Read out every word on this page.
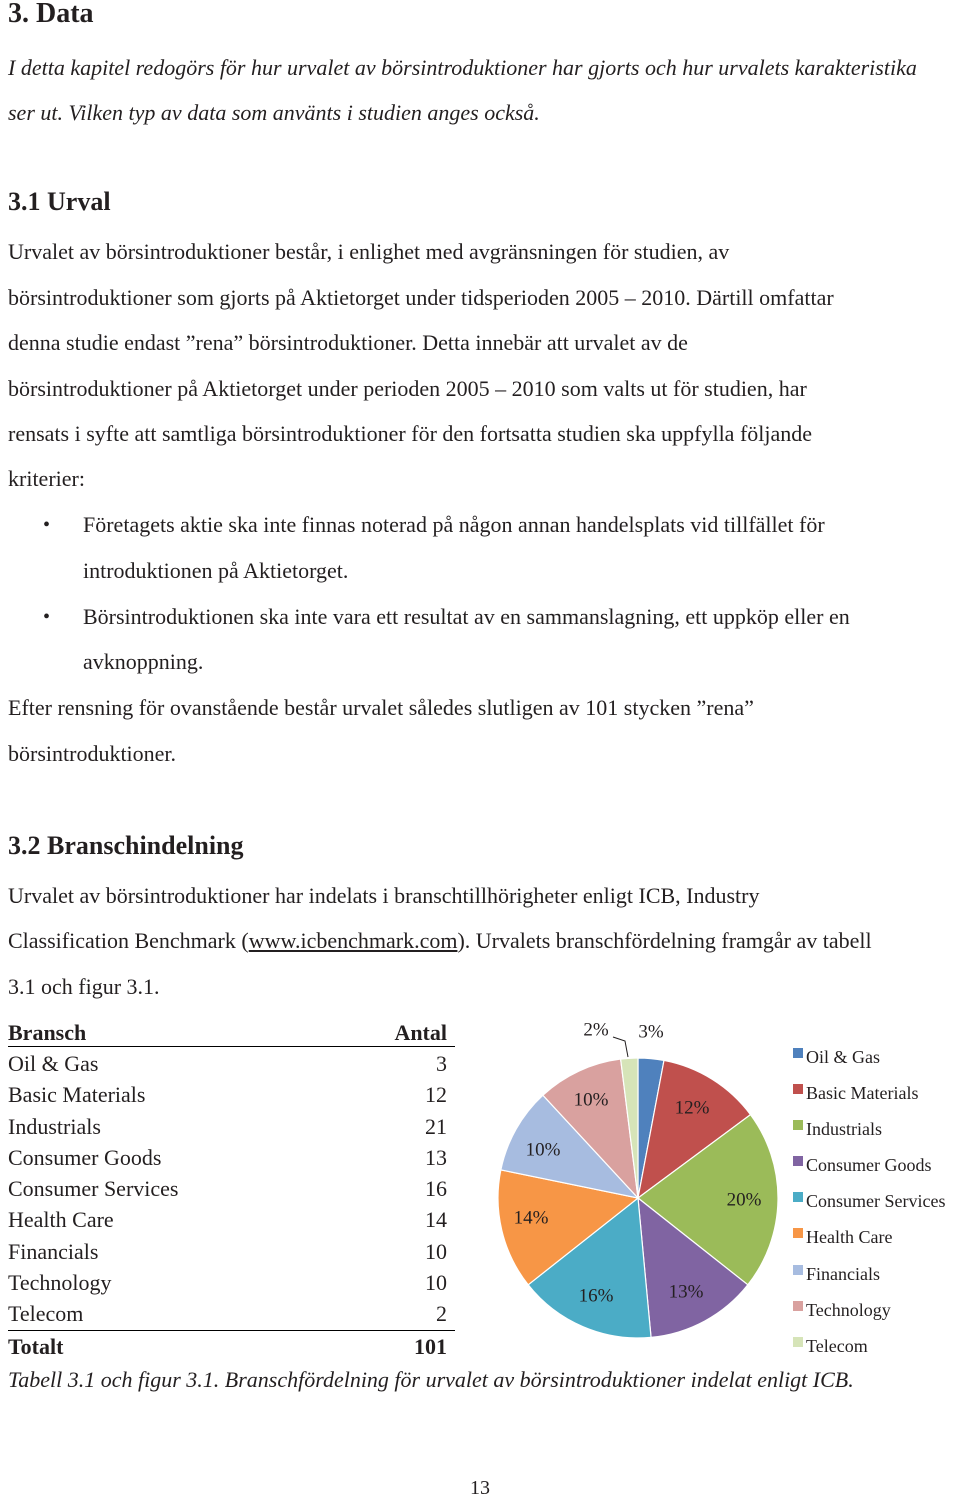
3. Data
I detta kapitel redogörs för hur urvalet av börsintroduktioner har gjorts och hur urvalets karakteristika
ser ut. Vilken typ av data som använts i studien anges också.
3.1 Urval
Urvalet av börsintroduktioner består, i enlighet med avgränsningen för studien, av
börsintroduktioner som gjorts på Aktietorget under tidsperioden 2005 – 2010. Därtill omfattar
denna studie endast ”rena” börsintroduktioner. Detta innebär att urvalet av de
börsintroduktioner på Aktietorget under perioden 2005 – 2010 som valts ut för studien, har
rensats i syfte att samtliga börsintroduktioner för den fortsatta studien ska uppfylla följande
kriterier:
• Företagets aktie ska inte finnas noterad på någon annan handelsplats vid tillfället för
introduktionen på Aktietorget.
• Börsintroduktionen ska inte vara ett resultat av en sammanslagning, ett uppköp eller en
avknoppning.
Efter rensning för ovanstående består urvalet således slutligen av 101 stycken ”rena”
börsintroduktioner.
3.2 Branschindelning
Urvalet av börsintroduktioner har indelats i branschtillhörigheter enligt ICB, Industry
Classification Benchmark (www.icbenchmark.com). Urvalets branschfördelning framgår av tabell
3.1 och figur 3.1.
Bransch	Antal
Oil & Gas	3
Basic Materials	12
Industrials	21
Consumer Goods	13
Consumer Services	16
Health Care	14
Financials	10
Technology	10
Telecom	2
Totalt	101
3%
12%
20%
13%
16%
14%
10%
10%
2%
Oil & Gas
Basic Materials
Industrials
Consumer Goods
Consumer Services
Health Care
Financials
Technology
Telecom
Tabell 3.1 och figur 3.1. Branschfördelning för urvalet av börsintroduktioner indelat enligt ICB.
13
